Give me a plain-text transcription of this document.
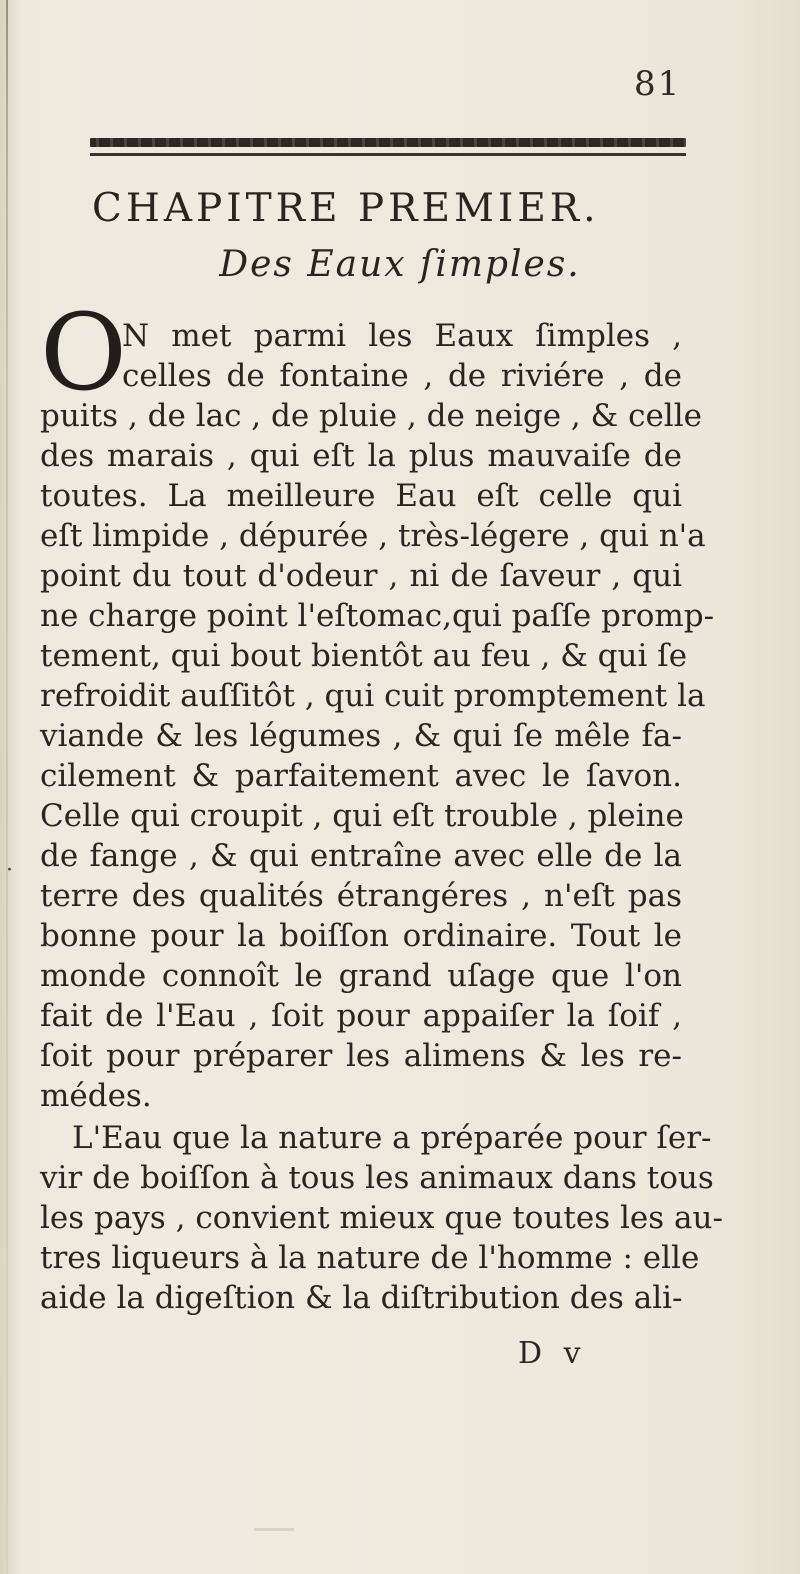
81
CHAPITRE PREMIER.
Des Eaux ſimples.
O
N met parmi les Eaux ſimples ,
celles de fontaine , de riviére , de
puits , de lac , de pluie , de neige , & celle
des marais , qui eſt la plus mauvaiſe de
toutes. La meilleure Eau eſt celle qui
eſt limpide , dépurée , très-légere , qui n'a
point du tout d'odeur , ni de ſaveur , qui
ne charge point l'eſtomac,qui paſſe promp-
tement, qui bout bientôt au feu , & qui ſe
refroidit auſſitôt , qui cuit promptement la
viande & les légumes , & qui ſe mêle fa-
cilement & parfaitement avec le ſavon.
Celle qui croupit , qui eſt trouble , pleine
de fange , & qui entraîne avec elle de la
terre des qualités étrangéres , n'eſt pas
bonne pour la boiſſon ordinaire. Tout le
monde connoît le grand uſage que l'on
fait de l'Eau , ſoit pour appaiſer la ſoif ,
ſoit pour préparer les alimens & les re-
médes.
L'Eau que la nature a préparée pour ſer-
vir de boiſſon à tous les animaux dans tous
les pays , convient mieux que toutes les au-
tres liqueurs à la nature de l'homme : elle
aide la digeſtion & la diſtribution des ali-
·
D v
